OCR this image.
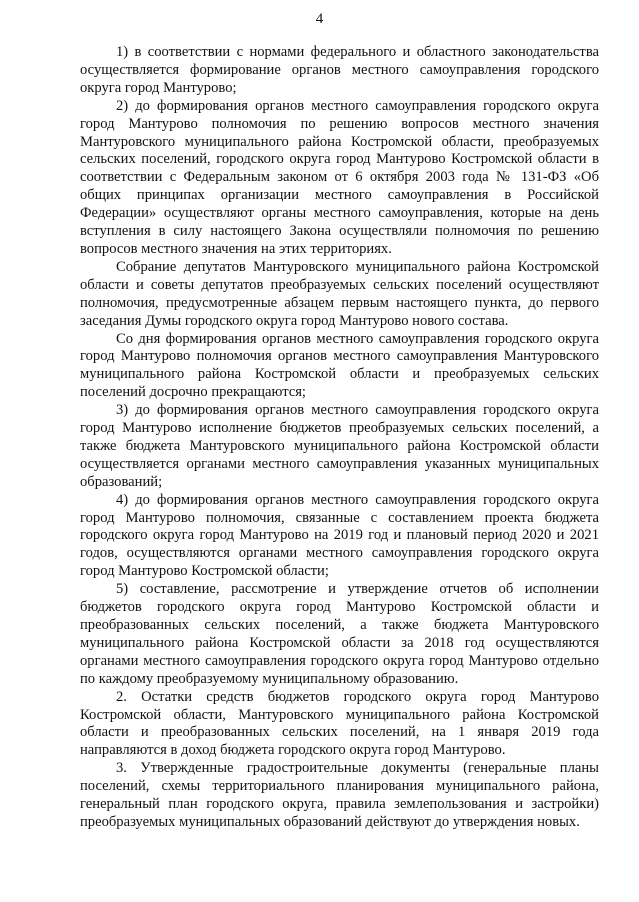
4

1) в соответствии с нормами федерального и областного законодательства осуществляется формирование органов местного самоуправления городского округа город Мантурово;

2) до формирования органов местного самоуправления городского округа город Мантурово полномочия по решению вопросов местного значения Мантуровского муниципального района Костромской области, преобразуемых сельских поселений, городского округа город Мантурово Костромской области в соответствии с Федеральным законом от 6 октября 2003 года № 131-ФЗ «Об общих принципах организации местного самоуправления в Российской Федерации» осуществляют органы местного самоуправления, которые на день вступления в силу настоящего Закона осуществляли полномочия по решению вопросов местного значения на этих территориях.

Собрание депутатов Мантуровского муниципального района Костромской области и советы депутатов преобразуемых сельских поселений осуществляют полномочия, предусмотренные абзацем первым настоящего пункта, до первого заседания Думы городского округа город Мантурово нового состава.

Со дня формирования органов местного самоуправления городского округа город Мантурово полномочия органов местного самоуправления Мантуровского муниципального района Костромской области и преобразуемых сельских поселений досрочно прекращаются;

3) до формирования органов местного самоуправления городского округа город Мантурово исполнение бюджетов преобразуемых сельских поселений, а также бюджета Мантуровского муниципального района Костромской области осуществляется органами местного самоуправления указанных муниципальных образований;

4) до формирования органов местного самоуправления городского округа город Мантурово полномочия, связанные с составлением проекта бюджета городского округа город Мантурово на 2019 год и плановый период 2020 и 2021 годов, осуществляются органами местного самоуправления городского округа город Мантурово Костромской области;

5) составление, рассмотрение и утверждение отчетов об исполнении бюджетов городского округа город Мантурово Костромской области и преобразованных сельских поселений, а также бюджета Мантуровского муниципального района Костромской области за 2018 год осуществляются органами местного самоуправления городского округа город Мантурово отдельно по каждому преобразуемому муниципальному образованию.

2. Остатки средств бюджетов городского округа город Мантурово Костромской области, Мантуровского муниципального района Костромской области и преобразованных сельских поселений, на 1 января 2019 года направляются в доход бюджета городского округа город Мантурово.

3. Утвержденные градостроительные документы (генеральные планы поселений, схемы территориального планирования муниципального района, генеральный план городского округа, правила землепользования и застройки) преобразуемых муниципальных образований действуют до утверждения новых.
